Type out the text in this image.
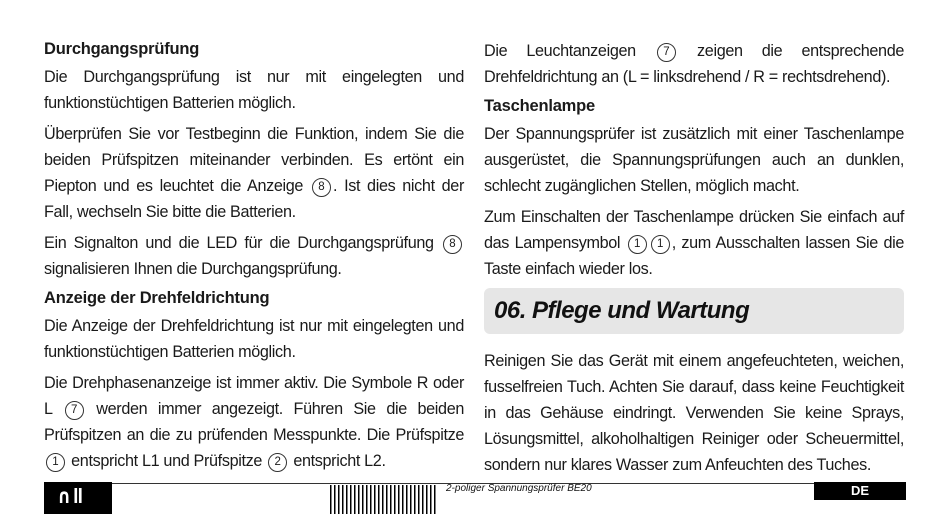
Durchgangsprüfung

Die Durchgangsprüfung ist nur mit eingelegten und funktionstüchtigen Batterien möglich.

Überprüfen Sie vor Testbeginn die Funktion, indem Sie die beiden Prüfspitzen miteinander verbinden. Es ertönt ein Piepton und es leuchtet die Anzeige 8 . Ist dies nicht der Fall, wechseln Sie bitte die Batterien.

Ein Signalton und die LED für die Durchgangsprüfung 8 signalisieren Ihnen die Durchgangsprüfung.

Anzeige der Drehfeldrichtung

Die Anzeige der Drehfeldrichtung ist nur mit eingelegten und funktionstüchtigen Batterien möglich.

Die Drehphasenanzeige ist immer aktiv. Die Symbole R oder L 7 werden immer angezeigt. Führen Sie die beiden Prüfspitzen an die zu prüfenden Messpunkte. Die Prüfspitze 1 entspricht L1 und Prüfspitze 2 entspricht L2.

Die Leuchtanzeigen 7 zeigen die entsprechende Drehfeldrichtung an (L = linksdrehend / R = rechtsdrehend).

Taschenlampe

Der Spannungsprüfer ist zusätzlich mit einer Taschenlampe ausgerüstet, die Spannungsprüfungen auch an dunklen, schlecht zugänglichen Stellen, möglich macht.

Zum Einschalten der Taschenlampe drücken Sie einfach auf das Lampensymbol 1 1 , zum Ausschalten lassen Sie die Taste einfach wieder los.

06. Pflege und Wartung

Reinigen Sie das Gerät mit einem angefeuchteten, weichen, fusselfreien Tuch. Achten Sie darauf, dass keine Feuchtigkeit in das Gehäuse eindringt. Verwenden Sie keine Sprays, Lösungsmittel, alkoholhaltigen Reiniger oder Scheuermittel, sondern nur klares Wasser zum Anfeuchten des Tuches.

∩ǁ	2-poliger Spannungsprüfer BE20	DE
